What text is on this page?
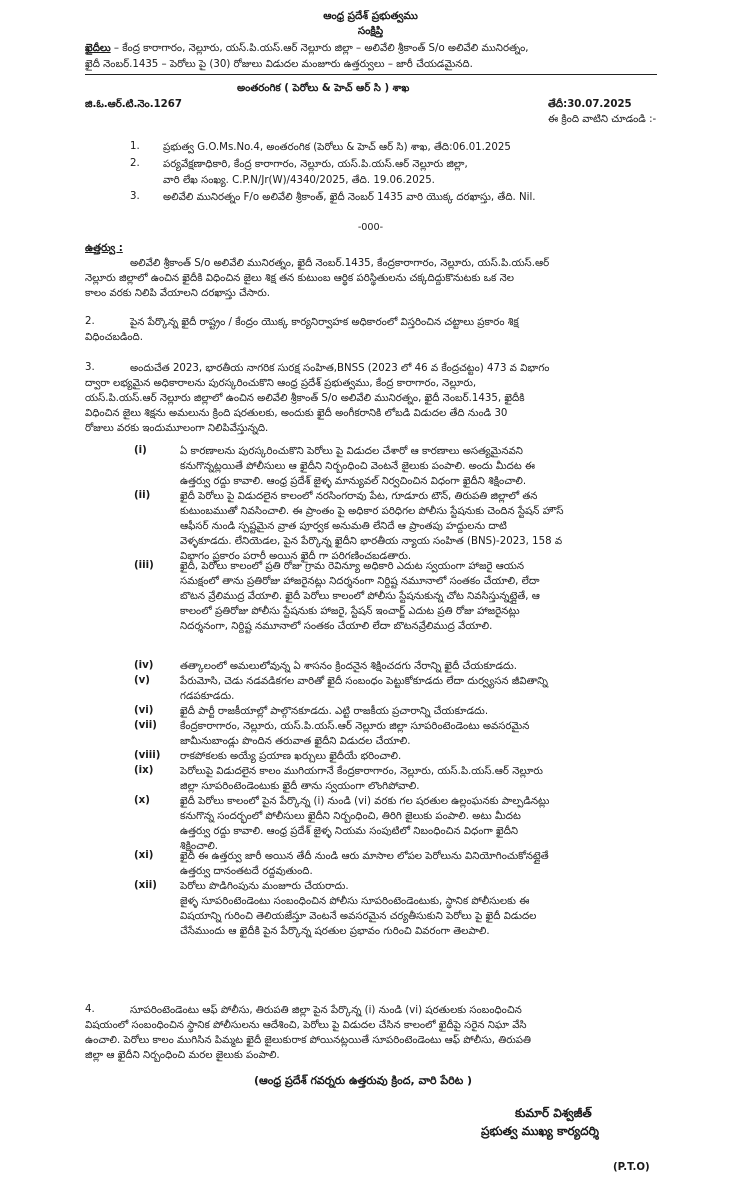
ఆంధ్ర ప్రదేశ్ ప్రభుత్వము
సంక్షిప్తి
ఖైదీలు – కేంద్ర కారాగారం, నెల్లూరు, యస్.పి.యస్.ఆర్ నెల్లూరు జిల్లా – అలివేలి శ్రీకాంత్ S/o అలివేలి మునిరత్నం,
ఖైదీ నెంబర్.1435 – పెరోలు పై (30) రోజులు విడుదల మంజూరు ఉత్తర్వులు – జారీ చేయడమైనది.
అంతరంగిక ( పెరోలు & హెచ్ ఆర్ సి ) శాఖ
జి.ఓ.ఆర్.టి.నెం.1267	తేదీ:30.07.2025
ఈ క్రింది వాటిని చూడండి :-
1. ప్రభుత్వ G.O.Ms.No.4, అంతరంగిక (పెరోలు & హెచ్ ఆర్ సి) శాఖ, తేది:06.01.2025
2. పర్యవేక్షణాధికారి, కేంద్ర కారాగారం, నెల్లూరు, యస్.పి.యస్.ఆర్ నెల్లూరు జిల్లా,
వారి లేఖ సంఖ్య. C.P.N/Jr(W)/4340/2025, తేది. 19.06.2025.
3. అలివేలి మునిరత్నం F/o అలివేలి శ్రీకాంత్, ఖైదీ నెంబర్ 1435 వారి యొక్క దరఖాస్తు, తేది. Nil.
-000-
ఉత్తర్వు :
అలివేలి శ్రీకాంత్ S/o అలివేలి మునిరత్నం, ఖైదీ నెంబర్.1435, కేంద్రకారాగారం, నెల్లూరు, యస్.పి.యస్.ఆర్
నెల్లూరు జిల్లాలో ఉంచిన ఖైదీకి విధించిన జైలు శిక్ష తన కుటుంబ ఆర్థిక పరిస్థితులను చక్కదిద్దుకొనుటకు ఒక నెల
కాలం వరకు నిలిపి వేయాలని దరఖాస్తు చేసారు.
2.	పైన పేర్కొన్న ఖైదీ రాష్ట్రం / కేంద్రం యొక్క కార్యనిర్వాహక అధికారంలో విస్తరించిన చట్టాలు ప్రకారం శిక్ష
విధించబడింది.
3.	అందుచేత 2023, భారతీయ నాగరిక సురక్ష సంహిత,BNSS (2023 లో 46 వ కేంద్రచట్టం) 473 వ విభాగం
ద్వారా లభ్యమైన అధికారాలను పురస్కరించుకొని ఆంధ్ర ప్రదేశ్ ప్రభుత్వము, కేంద్ర కారాగారం, నెల్లూరు,
యస్.పి.యస్.ఆర్ నెల్లూరు జిల్లాలో ఉంచిన అలివేలి శ్రీకాంత్ S/o అలివేలి మునిరత్నం, ఖైదీ నెంబర్.1435, ఖైదీకి
విధించిన జైలు శిక్షను అమలును క్రింది షరతులకు, అందుకు ఖైదీ అంగీకరానికి లోబడి విడుదల తేది నుండి 30
రోజులు వరకు ఇందుమూలంగా నిలిపివేస్తున్నది.
(i)	ఏ కారణాలను పురస్కరించుకొని పెరోలు పై విడుదల చేశారో ఆ కారణాలు అసత్యమైనవని
కనుగొన్నట్లయితే పోలీసులు ఆ ఖైదీని నిర్బంధించి వెంటనే జైలుకు పంపాలి. అందు మీదట ఈ
ఉత్తర్వు రద్దు కావాలి. ఆంధ్ర ప్రదేశ్ జైళ్ళ మాన్యువల్ నిర్వచించిన విధంగా ఖైదీని శిక్షించాలి.
(ii)	ఖైదీ పెరోలు పై విడుదలైన కాలంలో నరసింగరావు పేట, గూడూరు టౌన్, తిరుపతి జిల్లాలో తన
కుటుంబముతో నివసించాలి. ఈ ప్రాంతం పై అధికార పరిధిగల పోలీసు స్టేషనుకు చెందిన స్టేషన్ హౌస్
ఆఫీసర్ నుండి స్పష్టమైన వ్రాత పూర్వక అనుమతి లేనిదే ఆ ప్రాంతపు హద్దులను దాటి
వెళ్ళకూడదు. లేనియెడల, పైన పేర్కొన్న ఖైదీని భారతీయ న్యాయ సంహిత (BNS)-2023, 158 వ
విభాగం ప్రకారం పరారీ అయిన ఖైదీ గా పరిగణించబడతారు.
(iii)	ఖైదీ, పెరోలు కాలంలో ప్రతి రోజు గ్రామ రెవిన్యూ అధికారి ఎదుట స్వయంగా హాజరై ఆయన
సమక్షంలో తాను ప్రతిరోజు హాజరైనట్లు నిదర్శనంగా నిర్దిష్ట నమూనాలో సంతకం చేయాలి, లేదా
బొటన వ్రేలిముద్ర వేయాలి. ఖైదీ పెరోలు కాలంలో పోలీసు స్టేషనుకున్న చోట నివసిస్తున్నట్లైతే, ఆ
కాలంలో ప్రతిరోజు పోలీసు స్టేషనుకు హాజరై, స్టేషన్ ఇంచార్జ్ ఎదుట ప్రతి రోజు హాజరైనట్లు
నిదర్శనంగా, నిర్దిష్ట నమూనాలో సంతకం చేయాలి లేదా బొటనవ్రేలిముద్ర వేయాలి.
(iv)	తత్కాలంలో అమలులోవున్న ఏ శాసనం క్రిందనైన శిక్షించదగు నేరాన్ని ఖైదీ చేయకూడదు.
(v)	పేరుమోసి, చెడు నడవడికగల వారితో ఖైదీ సంబంధం పెట్టుకోకూడదు లేదా దుర్వ్యసన జీవితాన్ని
గడపకూడదు.
(vi)	ఖైదీ పార్టీ రాజకీయాల్లో పాల్గొనకూడదు. ఎట్టి రాజకీయ ప్రచారాన్ని చేయకూడదు.
(vii) కేంద్రకారాగారం, నెల్లూరు, యస్.పి.యస్.ఆర్ నెల్లూరు జిల్లా సూపరింటెండెంటు అవసరమైన
జామీనుబాండ్లు పొందిన తరువాత ఖైదీని విడుదల చేయాలి.
(viii) రాకపోకలకు అయ్యే ప్రయాణ ఖర్చులు ఖైదీయే భరించాలి.
(ix)	పెరోలుపై విడుదలైన కాలం ముగియగానే కేంద్రకారాగారం, నెల్లూరు, యస్.పి.యస్.ఆర్ నెల్లూరు
జిల్లా సూపరింటెండెంటుకు ఖైదీ తాను స్వయంగా లొంగిపోవాలి.
(x)	ఖైదీ పెరోలు కాలంలో పైన పేర్కొన్న (i) నుండి (vi) వరకు గల షరతుల ఉల్లంఘనకు పాల్పడినట్లు
కనుగొన్న సందర్భంలో పోలీసులు ఖైదీని నిర్బంధించి, తిరిగి జైలుకు పంపాలి. అటు మీదట
ఉత్తర్వు రద్దు కావాలి. ఆంధ్ర ప్రదేశ్ జైళ్ళ నియమ సంపుటిలో నిబంధించిన విధంగా ఖైదీని
శిక్షించాలి.
(xi)	ఖైదీ ఈ ఉత్తర్వు జారీ అయిన తేదీ నుండి ఆరు మాసాల లోపల పెరోలును వినియోగించుకోనట్లైతే
ఉత్తర్వు దానంతటదే రద్దవుతుంది.
(xii) పెరోలు పొడిగింపును మంజూరు చేయరాదు.
జైళ్ళ సూపరింటెండెంటు సంబంధించిన పోలీసు సూపరింటెండెంటుకు, స్థానిక పోలీసులకు ఈ
విషయాన్ని గురించి తెలియజేస్తూ వెంటనే అవసరమైన చర్యతీసుకుని పెరోలు పై ఖైదీ విడుదల
చేసేముందు ఆ ఖైదీకి పైన పేర్కొన్న షరతుల ప్రభావం గురించి వివరంగా తెలపాలి.
4.	సూపరింటెండెంటు ఆఫ్ పోలీసు, తిరుపతి జిల్లా పైన పేర్కొన్న (i) నుండి (vi) షరతులకు సంబంధించిన
విషయంలో సంబంధించిన స్థానిక పోలీసులను ఆదేశించి, పెరోలు పై విడుదల చేసిన కాలంలో ఖైదీపై సరైన నిఘా వేసి
ఉంచాలి. పెరోలు కాలం ముగిసిన పిమ్మట ఖైదీ జైలుకురాక పోయినట్లయితే సూపరింటెండెంటు ఆఫ్ పోలీసు, తిరుపతి
జిల్లా ఆ ఖైదీని నిర్బంధించి మరల జైలుకు పంపాలి.
(ఆంధ్ర ప్రదేశ్ గవర్నరు ఉత్తరువు క్రింద, వారి పేరిట )
కుమార్ విశ్వజీత్
ప్రభుత్వ ముఖ్య కార్యదర్శి
(P.T.O)
